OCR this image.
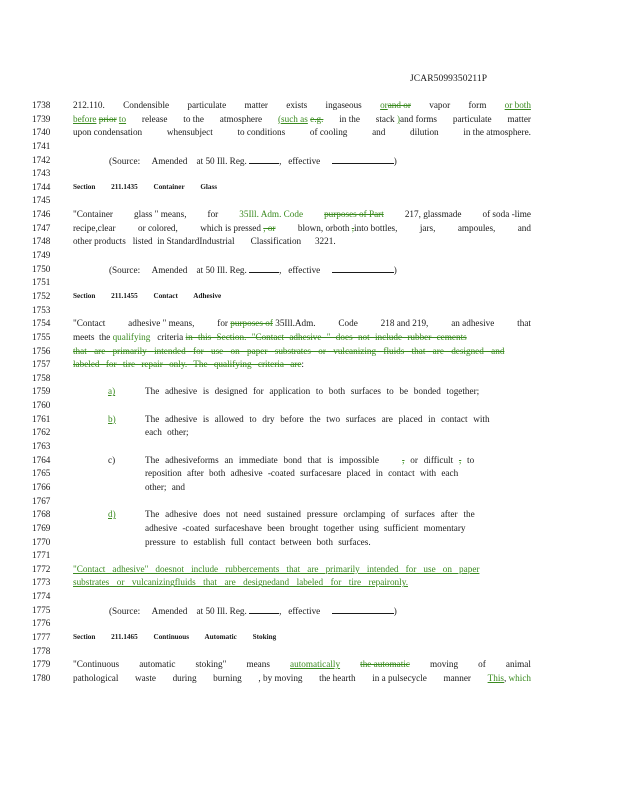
JCAR5099350211P
1738	212.110. Condensible particulate matter exists ingaseous orand or vapor form or both
1739	before prior to release to the atmosphere (such as e.g. in the stack )and forms particulate matter
1740	upon condensation	whensubject	to conditions	of cooling	and	dilution	in the atmosphere.
1741
1742	(Source: Amended at 50 Ill. Reg.	,   effective	)
1743
1744	Section 211.1435 Container Glass
1745
1746	"Container glass " means, for 35Ill. Adm. Code purposes of Part 217, glassmade of soda -lime
1747	recipe,clear or colored, which is pressed , or blown, orboth ,into bottles, jars, ampoules, and
1748	other products listed in StandardIndustrial Classification 3221.
1749
1750	(Source: Amended at 50 Ill. Reg.	,   effective	)
1751
1752	Section 211.1455 Contact Adhesive
1753
1754	"Contact adhesive " means, for purposes of 35Ill.Adm. Code 218 and 219, an adhesive that
1755	meets the qualifying criteria in this Section. "Contact adhesive " does not include rubber cements
1756	that are primarily intended for use on paper substrates or vulcanizing fluids that are designed and
1757	labeled for tire repair only. The qualifying criteria are:
1758
1759	a)	The adhesive is designed for application to both surfaces to be bonded together;
1760
1761	b)	The adhesive is allowed to dry before the two surfaces are placed in contact with
1762	each other;
1763
1764	c)	The adhesiveforms an immediate bond that is impossible	, or difficult , to
1765	reposition after both adhesive -coated surfacesare placed in contact with each
1766	other; and
1767
1768	d)	The adhesive does not need sustained pressure orclamping of surfaces after the
1769	adhesive -coated surfaceshave been brought together using sufficient momentary
1770	pressure to establish full contact between both surfaces.
1771
1772	"Contact adhesive" doesnot include rubbercements that are primarily intended for use on paper
1773	substrates or vulcanizingfluids that are designedand labeled for tire repaironly.
1774
1775	(Source: Amended at 50 Ill. Reg.	,   effective	)
1776
1777	Section 211.1465 Continuous Automatic Stoking
1778
1779	"Continuous automatic stoking" means automatically the automatic moving of animal
1780	pathological waste during burning , by moving the hearth in a pulsecycle manner This, which
